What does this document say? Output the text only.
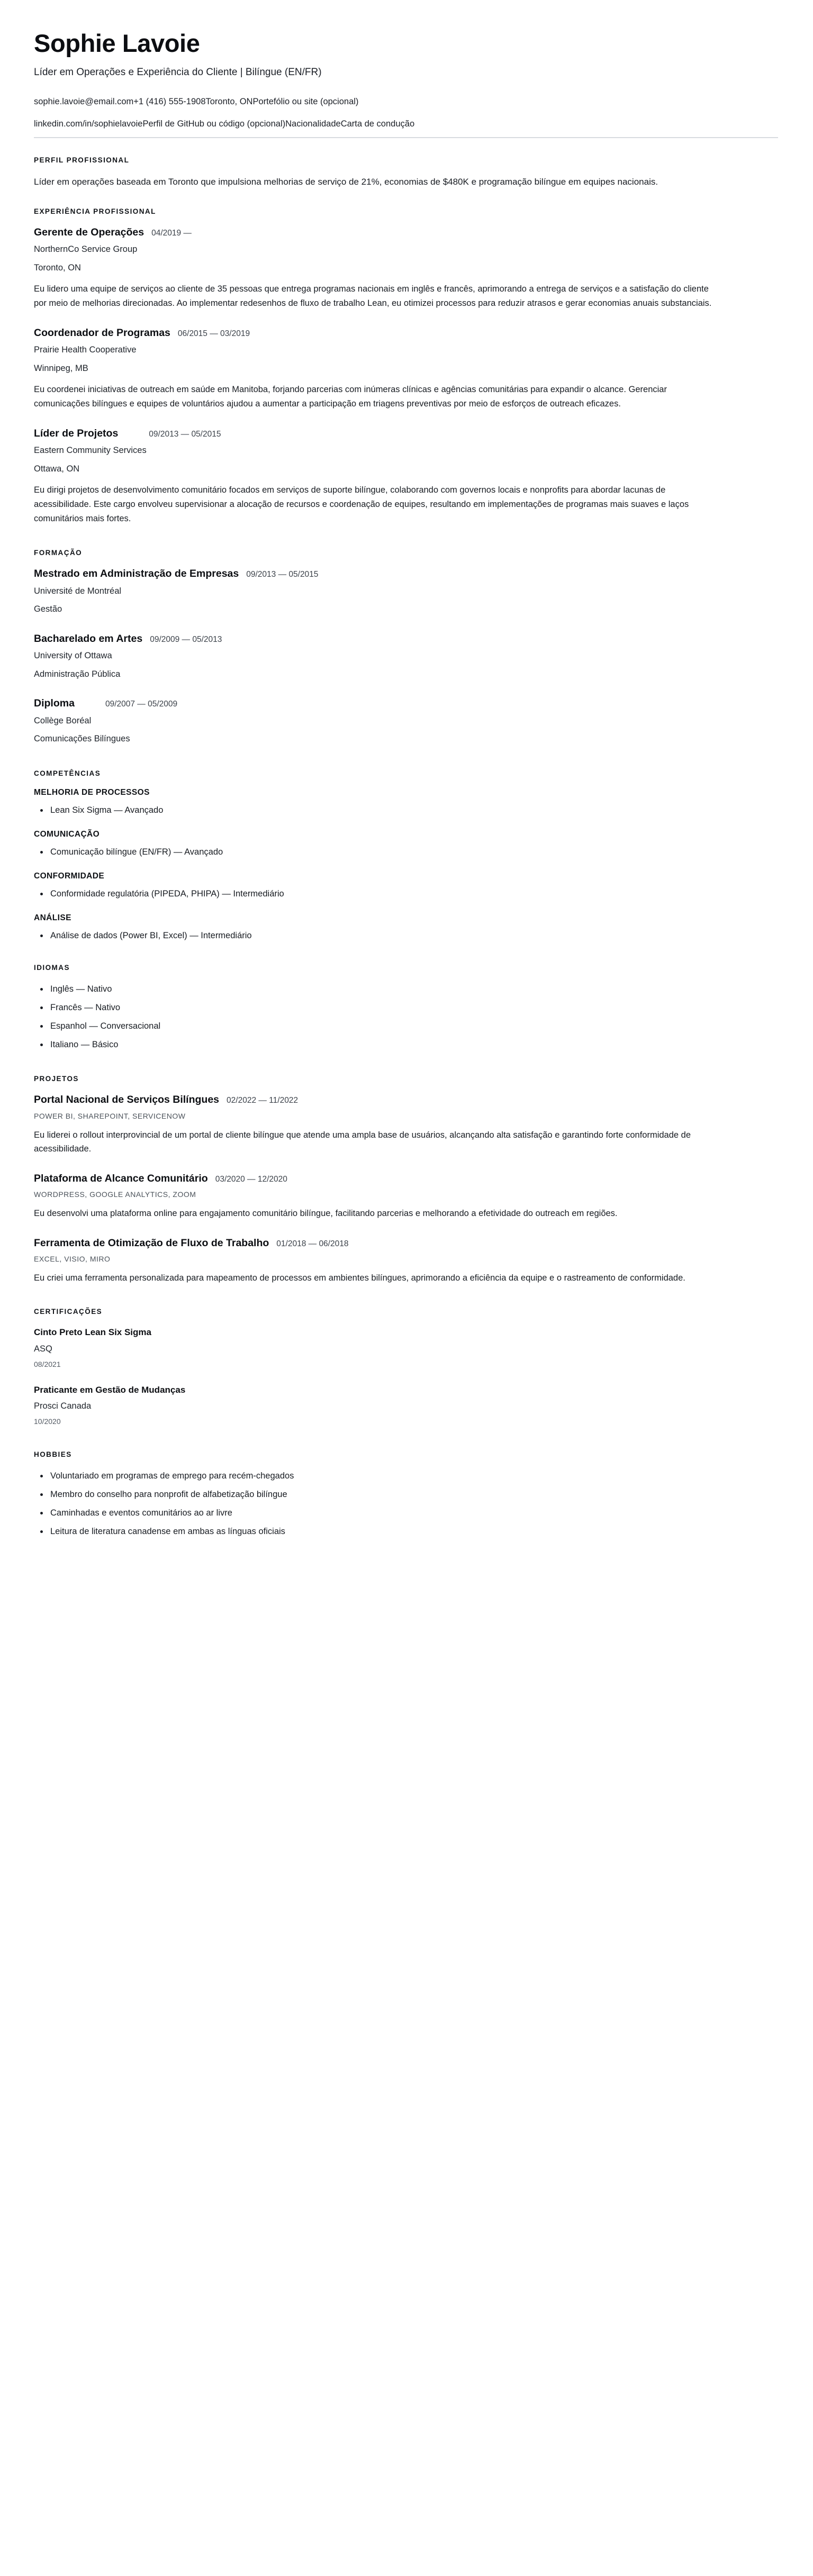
Sophie Lavoie
Líder em Operações e Experiência do Cliente | Bilíngue (EN/FR)
sophie.lavoie@email.com+1 (416) 555-1908Toronto, ONPortefólio ou site (opcional)
linkedin.com/in/sophielavoiePerfil de GitHub ou código (opcional)NacionalidadeCarta de condução
PERFIL PROFISSIONAL

Líder em operações baseada em Toronto que impulsiona melhorias de serviço de 21%, economias de $480K e programação bilíngue em equipes nacionais.

EXPERIÊNCIA PROFISSIONAL
Gerente de Operações 04/2019 —
NorthernCo Service Group
Toronto, ON

Eu lidero uma equipe de serviços ao cliente de 35 pessoas que entrega programas nacionais em inglês e francês, aprimorando a entrega de serviços e a satisfação do cliente por meio de melhorias direcionadas. Ao implementar redesenhos de fluxo de trabalho Lean, eu otimizei processos para reduzir atrasos e gerar economias anuais substanciais.

Coordenador de Programas 06/2015 — 03/2019
Prairie Health Cooperative
Winnipeg, MB

Eu coordenei iniciativas de outreach em saúde em Manitoba, forjando parcerias com inúmeras clínicas e agências comunitárias para expandir o alcance. Gerenciar comunicações bilíngues e equipes de voluntários ajudou a aumentar a participação em triagens preventivas por meio de esforços de outreach eficazes.

Líder de Projetos	09/2013 — 05/2015
Eastern Community Services
Ottawa, ON

Eu dirigi projetos de desenvolvimento comunitário focados em serviços de suporte bilíngue, colaborando com governos locais e nonprofits para abordar lacunas de acessibilidade. Este cargo envolveu supervisionar a alocação de recursos e coordenação de equipes, resultando em implementações de programas mais suaves e laços comunitários mais fortes.

FORMAÇÃO
Mestrado em Administração de Empresas 09/2013 — 05/2015
Université de Montréal
Gestão
Bacharelado em Artes 09/2009 — 05/2013
University of Ottawa
Administração Pública
Diploma	09/2007 — 05/2009
Collège Boréal
Comunicações Bilíngues
COMPETÊNCIAS
MELHORIA DE PROCESSOS
Lean Six Sigma — Avançado
COMUNICAÇÃO
Comunicação bilíngue (EN/FR) — Avançado
CONFORMIDADE
Conformidade regulatória (PIPEDA, PHIPA) — Intermediário
ANÁLISE
Análise de dados (Power BI, Excel) — Intermediário
IDIOMAS
Inglês — Nativo
Francês — Nativo
Espanhol — Conversacional
Italiano — Básico
PROJETOS
Portal Nacional de Serviços Bilíngues 02/2022 — 11/2022
POWER BI, SHAREPOINT, SERVICENOW

Eu liderei o rollout interprovincial de um portal de cliente bilíngue que atende uma ampla base de usuários, alcançando alta satisfação e garantindo forte conformidade de acessibilidade.

Plataforma de Alcance Comunitário 03/2020 — 12/2020
WORDPRESS, GOOGLE ANALYTICS, ZOOM

Eu desenvolvi uma plataforma online para engajamento comunitário bilíngue, facilitando parcerias e melhorando a efetividade do outreach em regiões.

Ferramenta de Otimização de Fluxo de Trabalho 01/2018 — 06/2018
EXCEL, VISIO, MIRO

Eu criei uma ferramenta personalizada para mapeamento de processos em ambientes bilíngues, aprimorando a eficiência da equipe e o rastreamento de conformidade.

CERTIFICAÇÕES
Cinto Preto Lean Six Sigma
ASQ
08/2021
Praticante em Gestão de Mudanças
Prosci Canada
10/2020
HOBBIES
Voluntariado em programas de emprego para recém-chegados
Membro do conselho para nonprofit de alfabetização bilíngue
Caminhadas e eventos comunitários ao ar livre
Leitura de literatura canadense em ambas as línguas oficiais
